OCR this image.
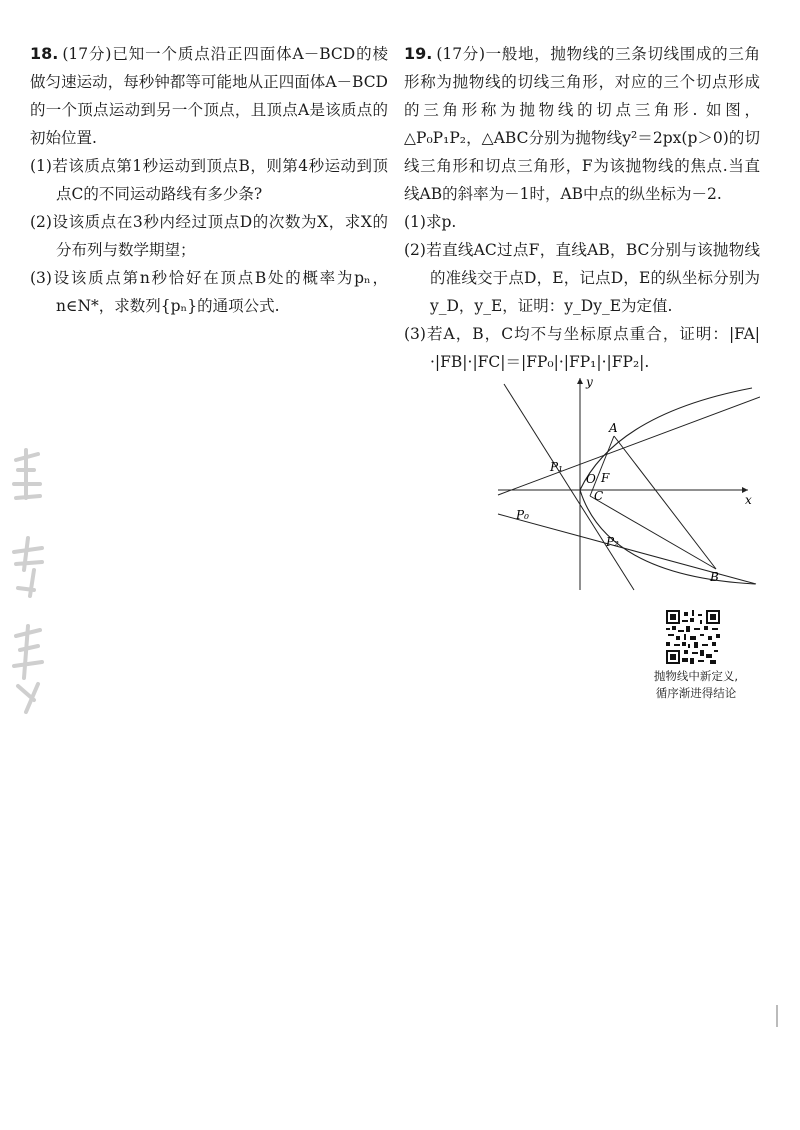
18. (17分)已知一个质点沿正四面体A－BCD的棱做匀速运动，每秒钟都等可能地从正四面体A－BCD的一个顶点运动到另一个顶点，且顶点A是该质点的初始位置.
(1)若该质点第1秒运动到顶点B，则第4秒运动到顶点C的不同运动路线有多少条?
(2)设该质点在3秒内经过顶点D的次数为X，求X的分布列与数学期望；
(3)设该质点第n秒恰好在顶点B处的概率为pₙ，n∈N*，求数列{pₙ}的通项公式.
19. (17分)一般地，抛物线的三条切线围成的三角形称为抛物线的切线三角形，对应的三个切点形成的三角形称为抛物线的切点三角形. 如图，△P₀P₁P₂，△ABC分别为抛物线y²＝2px(p＞0)的切线三角形和切点三角形，F为该抛物线的焦点.当直线AB的斜率为－1时，AB中点的纵坐标为－2.
(1)求p.
(2)若直线AC过点F，直线AB，BC分别与该抛物线的准线交于点D，E，记点D，E的纵坐标分别为y_D，y_E，证明：y_Dy_E为定值.
(3)若A，B，C均不与坐标原点重合，证明：|FA|·|FB|·|FC|＝|FP₀|·|FP₁|·|FP₂|.
y
x
A
B
C
O F
P₁
P₀
P₂
抛物线中新定义,
循序渐进得结论
